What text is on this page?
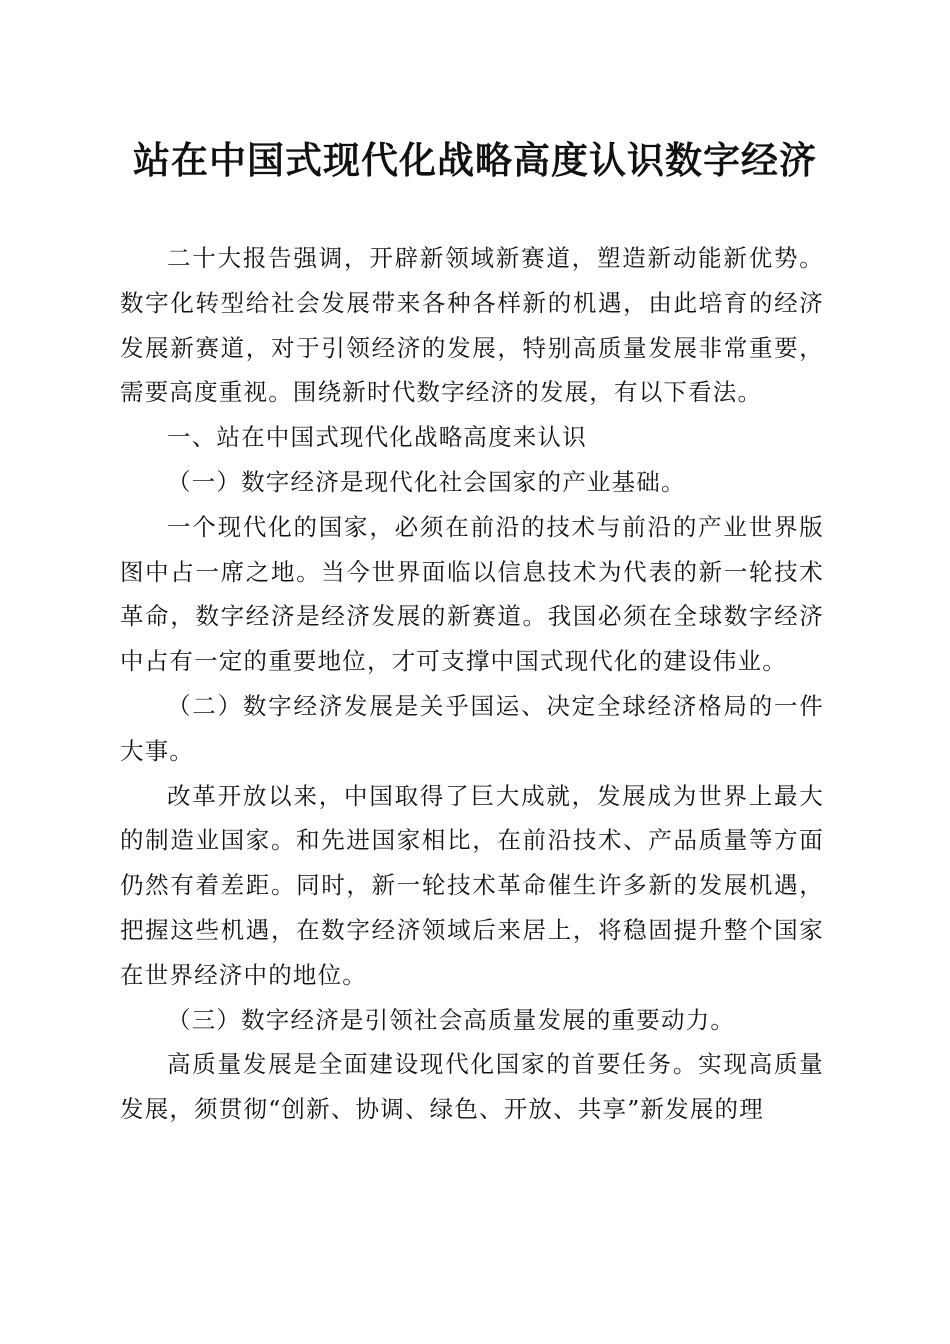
站在中国式现代化战略高度认识数字经济

二十大报告强调，开辟新领域新赛道，塑造新动能新优势。数字化转型给社会发展带来各种各样新的机遇，由此培育的经济发展新赛道，对于引领经济的发展，特别高质量发展非常重要，需要高度重视。围绕新时代数字经济的发展，有以下看法。

一、站在中国式现代化战略高度来认识

（一）数字经济是现代化社会国家的产业基础。

一个现代化的国家，必须在前沿的技术与前沿的产业世界版图中占一席之地。当今世界面临以信息技术为代表的新一轮技术革命，数字经济是经济发展的新赛道。我国必须在全球数字经济中占有一定的重要地位，才可支撑中国式现代化的建设伟业。

（二）数字经济发展是关乎国运、决定全球经济格局的一件大事。

改革开放以来，中国取得了巨大成就，发展成为世界上最大的制造业国家。和先进国家相比，在前沿技术、产品质量等方面仍然有着差距。同时，新一轮技术革命催生许多新的发展机遇，把握这些机遇，在数字经济领域后来居上，将稳固提升整个国家在世界经济中的地位。

（三）数字经济是引领社会高质量发展的重要动力。

高质量发展是全面建设现代化国家的首要任务。实现高质量发展，须贯彻“创新、协调、绿色、开放、共享”新发展的理
